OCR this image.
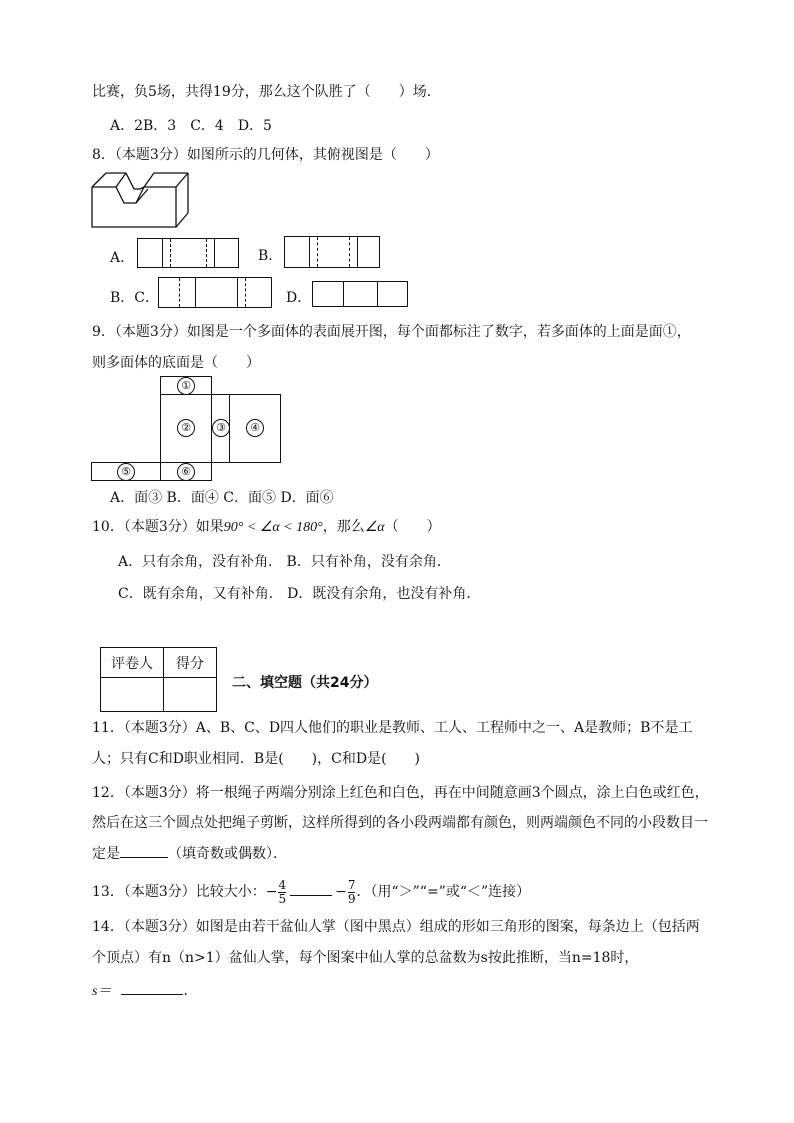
比赛，负5场，共得19分，那么这个队胜了（　　）场．
A．2B．3　C．4　D．5
8．（本题3分）如图所示的几何体，其俯视图是（　　）
A．	B．
B．C．	D．
9．（本题3分）如图是一个多面体的表面展开图，每个面都标注了数字，若多面体的上面是面①，
则多面体的底面是（　　）
①
②	③	④
⑤	⑥
A．面③ B．面④ C．面⑤ D．面⑥
10．（本题3分）如果90° < ∠α < 180°，那么∠α（　　）
A．只有余角，没有补角． B．只有补角，没有余角．
C．既有余角，又有补角． D．既没有余角，也没有补角．
评卷人	得分

二、填空题（共24分）
11．（本题3分）A、B、C、D四人他们的职业是教师、工人、工程师中之一、A是教师；B不是工
人；只有C和D职业相同．B是(　　)，C和D是(　　)
12．（本题3分）将一根绳子两端分别涂上红色和白色，再在中间随意画3个圆点，涂上白色或红色，
然后在这三个圆点处把绳子剪断，这样所得到的各小段两端都有颜色，则两端颜色不同的小段数目一
定是	（填奇数或偶数）．
13．（本题3分）比较大小：− $\frac{4}{5}$	− $\frac{7}{9}$ ．（用“＞”“=”或“＜”连接）
14．（本题3分）如图是由若干盆仙人掌（图中黑点）组成的形如三角形的图案，每条边上（包括两
个顶点）有n（n>1）盆仙人掌，每个图案中仙人掌的总盆数为s按此推断，当n=18时，
s＝	．
